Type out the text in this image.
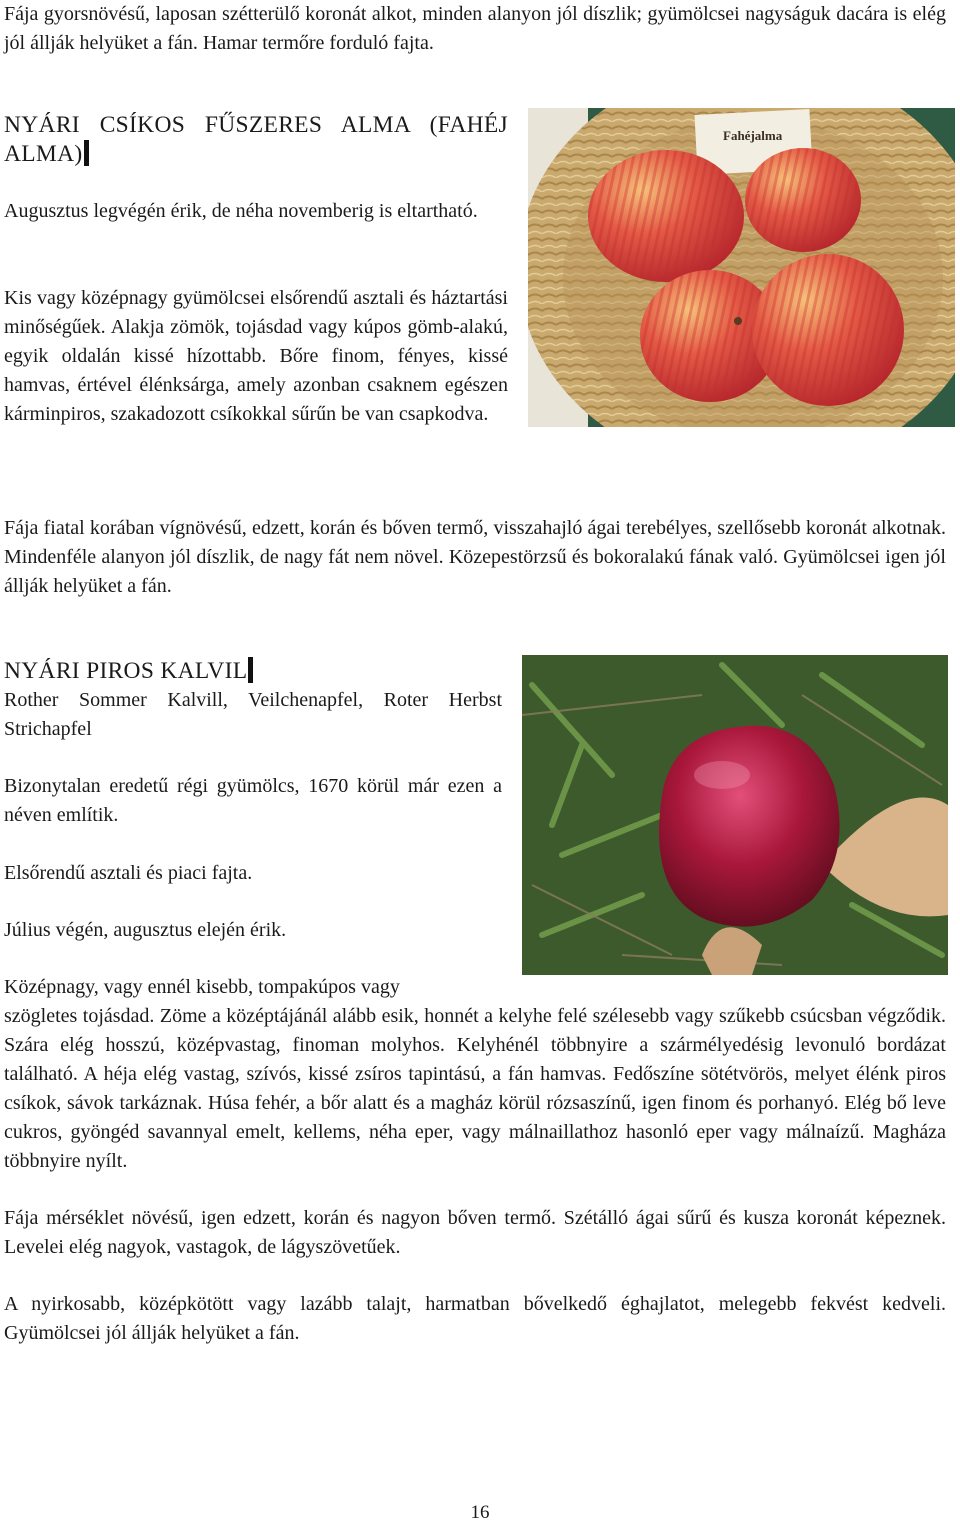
Fája gyorsnövésű, laposan szétterülő koronát alkot, minden alanyon jól díszlik; gyümölcsei nagyságuk dacára is elég jól állják helyüket a fán. Hamar termőre forduló fajta.

NYÁRI CSÍKOS FŰSZERES ALMA (FAHÉJ ALMA)

Augusztus legvégén érik, de néha novemberig is eltartható.

Kis vagy középnagy gyümölcsei elsőrendű asztali és háztartási minőségűek. Alakja zömök, tojásdad vagy kúpos gömb-alakú, egyik oldalán kissé hízottabb. Bőre finom, fényes, kissé hamvas, értével élénksárga, amely azonban csaknem egészen kárminpiros, szakadozott csíkokkal sűrűn be van csapkodva.

Fahéjalma

Fája fiatal korában vígnövésű, edzett, korán és bőven termő, visszahajló ágai terebélyes, szellősebb koronát alkotnak. Mindenféle alanyon jól díszlik, de nagy fát nem növel. Közepestörzsű és bokoralakú fának való. Gyümölcsei igen jól állják helyüket a fán.

NYÁRI PIROS KALVIL

Rother Sommer Kalvill, Veilchenapfel, Roter Herbst Strichapfel

Bizonytalan eredetű régi gyümölcs, 1670 körül már ezen a néven említik.

Elsőrendű asztali és piaci fajta.

Július végén, augusztus elején érik.

Középnagy, vagy ennél kisebb, tompakúpos vagy
szögletes tojásdad. Zöme a középtájánál alább esik, honnét a kelyhe felé szélesebb vagy szűkebb csúcsban végződik. Szára elég hosszú, középvastag, finoman molyhos. Kelyhénél többnyire a szármélyedésig levonuló bordázat található. A héja elég vastag, szívós, kissé zsíros tapintású, a fán hamvas. Fedőszíne sötétvörös, melyet élénk piros csíkok, sávok tarkáznak. Húsa fehér, a bőr alatt és a magház körül rózsaszínű, igen finom és porhanyó. Elég bő leve cukros, gyöngéd savannyal emelt, kellems, néha eper, vagy málnaillathoz hasonló eper vagy málnaízű. Magháza többnyire nyílt.

Fája mérséklet növésű, igen edzett, korán és nagyon bőven termő. Szétálló ágai sűrű és kusza koronát képeznek. Levelei elég nagyok, vastagok, de lágyszövetűek.

A nyirkosabb, középkötött vagy lazább talajt, harmatban bővelkedő éghajlatot, melegebb fekvést kedveli. Gyümölcsei jól állják helyüket a fán.

16
